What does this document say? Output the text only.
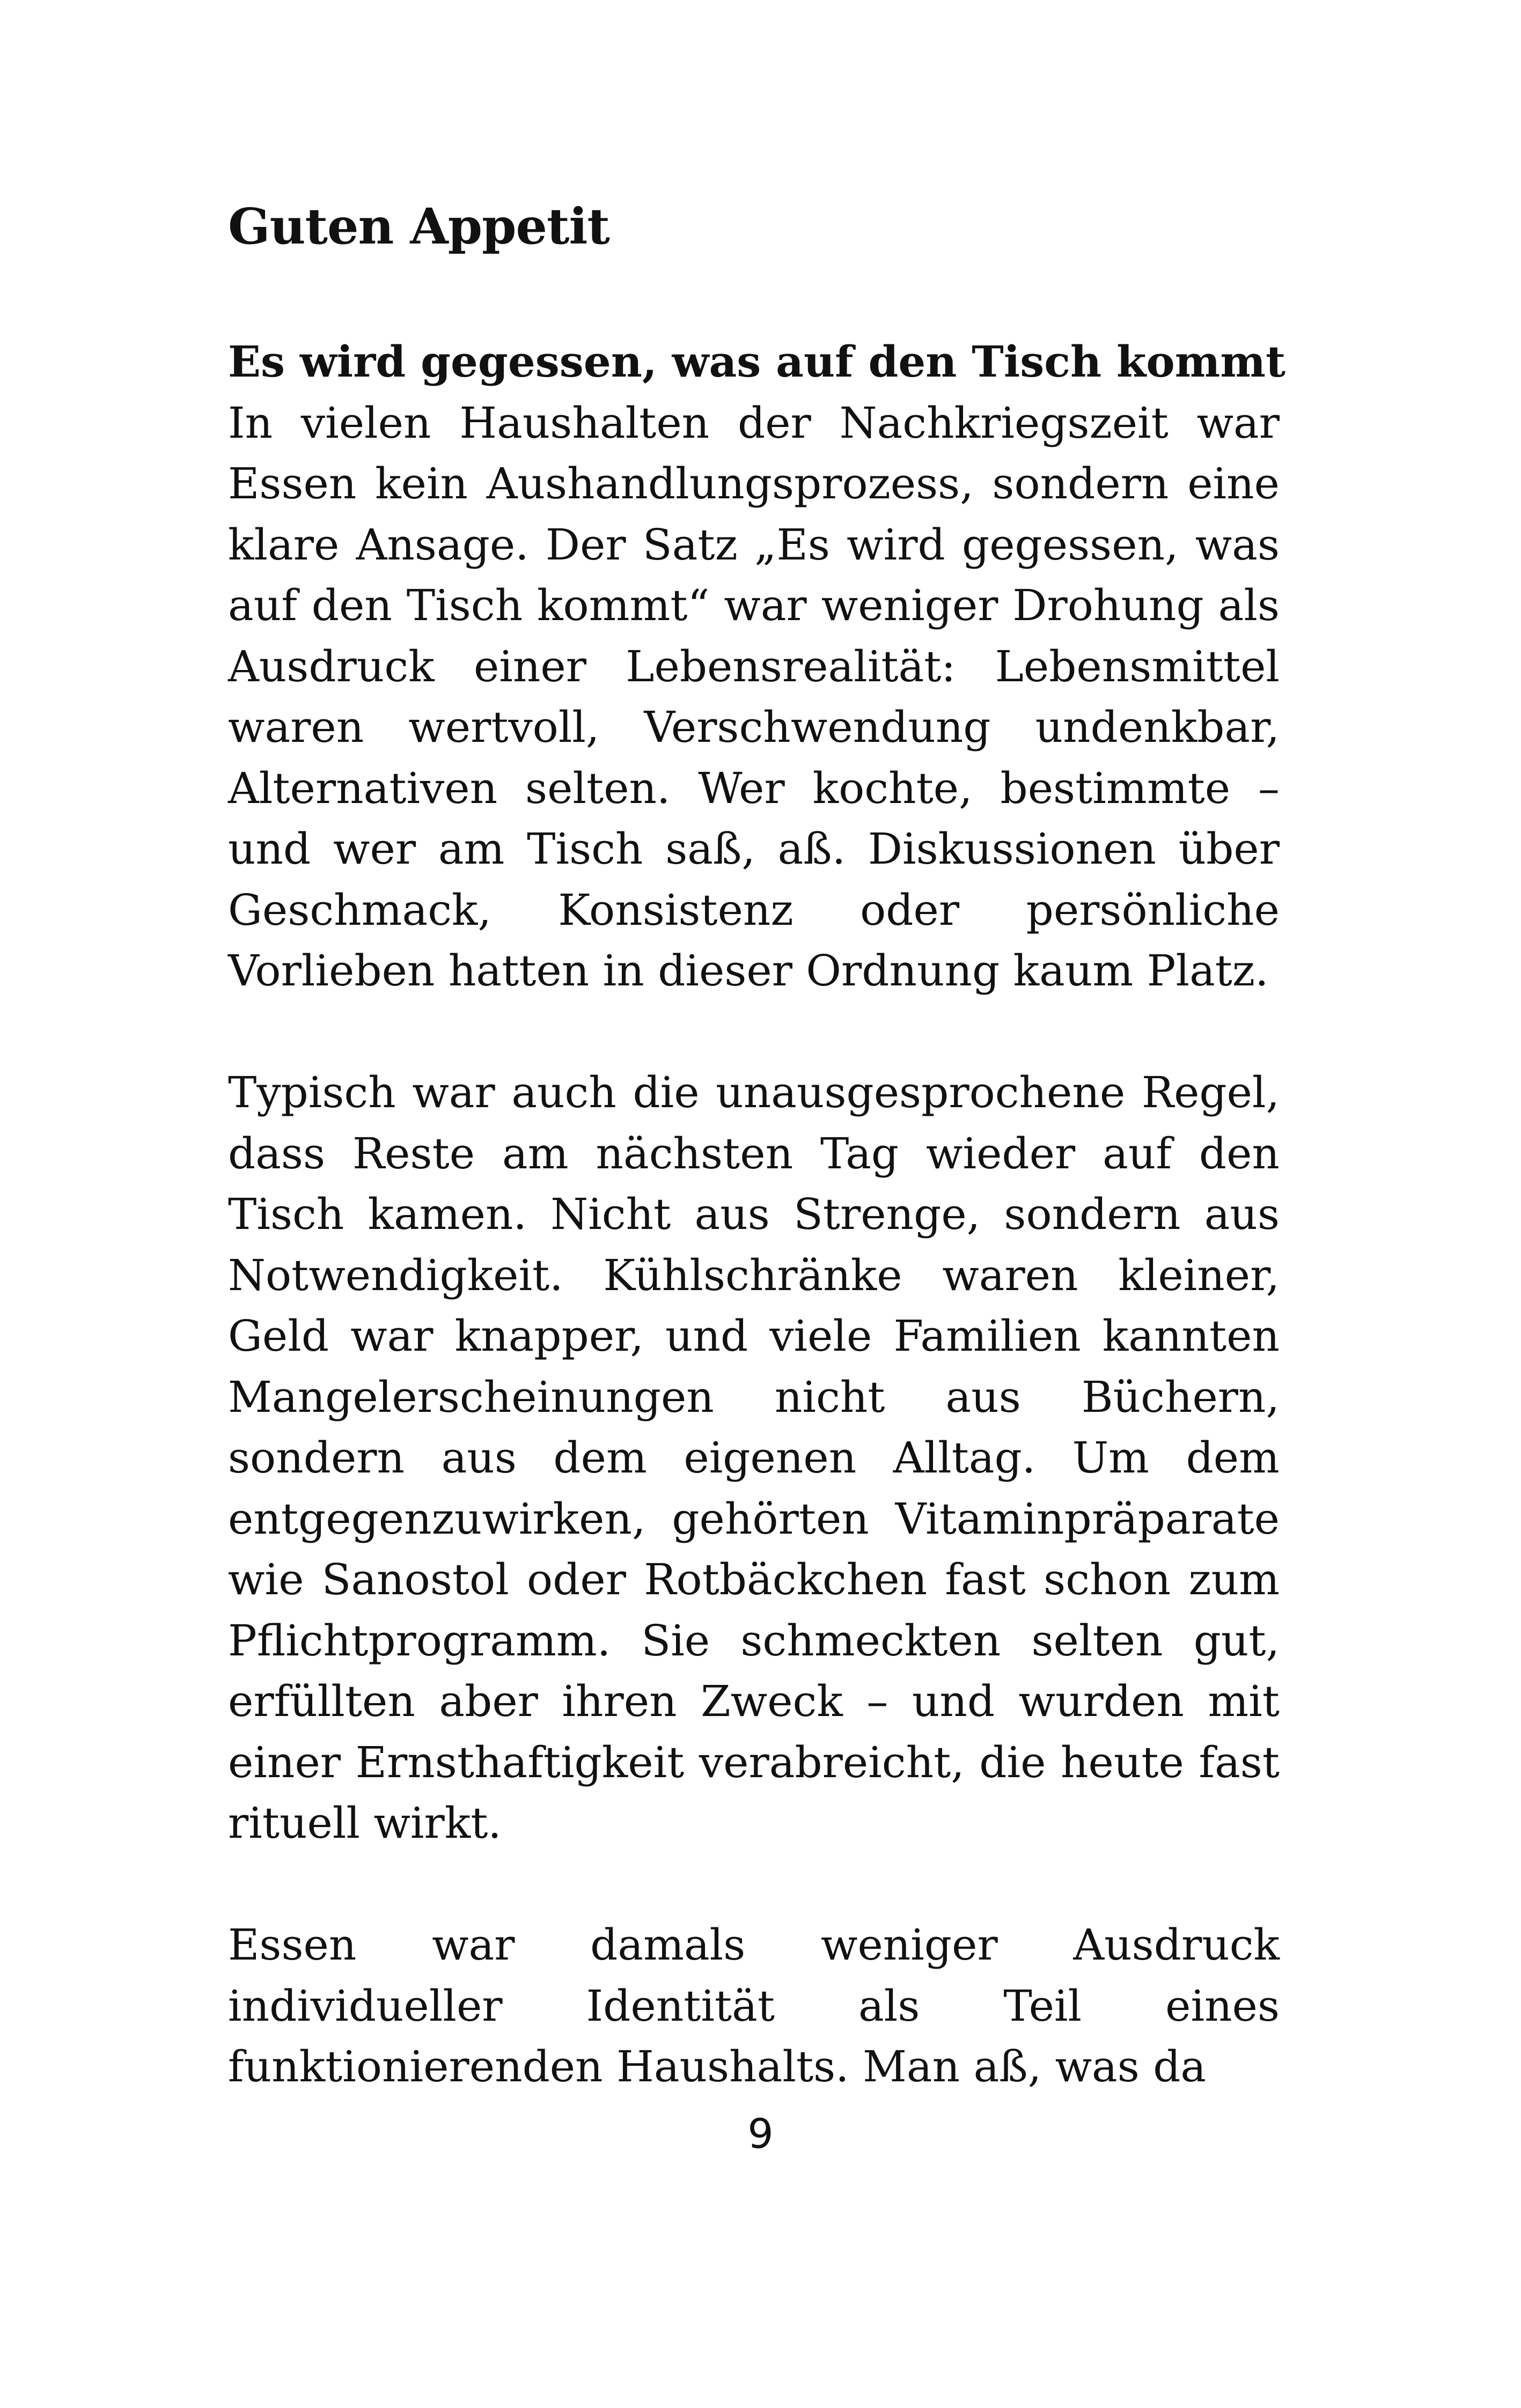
Guten Appetit
Es wird gegessen, was auf den Tisch kommt

In vielen Haushalten der Nachkriegszeit war Essen kein Aushandlungsprozess, sondern eine klare Ansage. Der Satz „Es wird gegessen, was auf den Tisch kommt“ war weniger Drohung als Ausdruck einer Lebensrealität: Lebensmittel waren wertvoll, Verschwendung undenkbar, Alternativen selten. Wer kochte, bestimmte – und wer am Tisch saß, aß. Diskussionen über Geschmack, Konsistenz oder persönliche Vorlieben hatten in dieser Ordnung kaum Platz.

Typisch war auch die unausgesprochene Regel, dass Reste am nächsten Tag wieder auf den Tisch kamen. Nicht aus Strenge, sondern aus Notwendigkeit. Kühlschränke waren kleiner, Geld war knapper, und viele Familien kannten Mangelerscheinungen nicht aus Büchern, sondern aus dem eigenen Alltag. Um dem entgegenzuwirken, gehörten Vitaminpräparate wie Sanostol oder Rotbäckchen fast schon zum Pflichtprogramm. Sie schmeckten selten gut, erfüllten aber ihren Zweck – und wurden mit einer Ernsthaftigkeit verabreicht, die heute fast rituell wirkt.

Essen war damals weniger Ausdruck individueller Identität als Teil eines funktionierenden Haushalts. Man aß, was da

9
